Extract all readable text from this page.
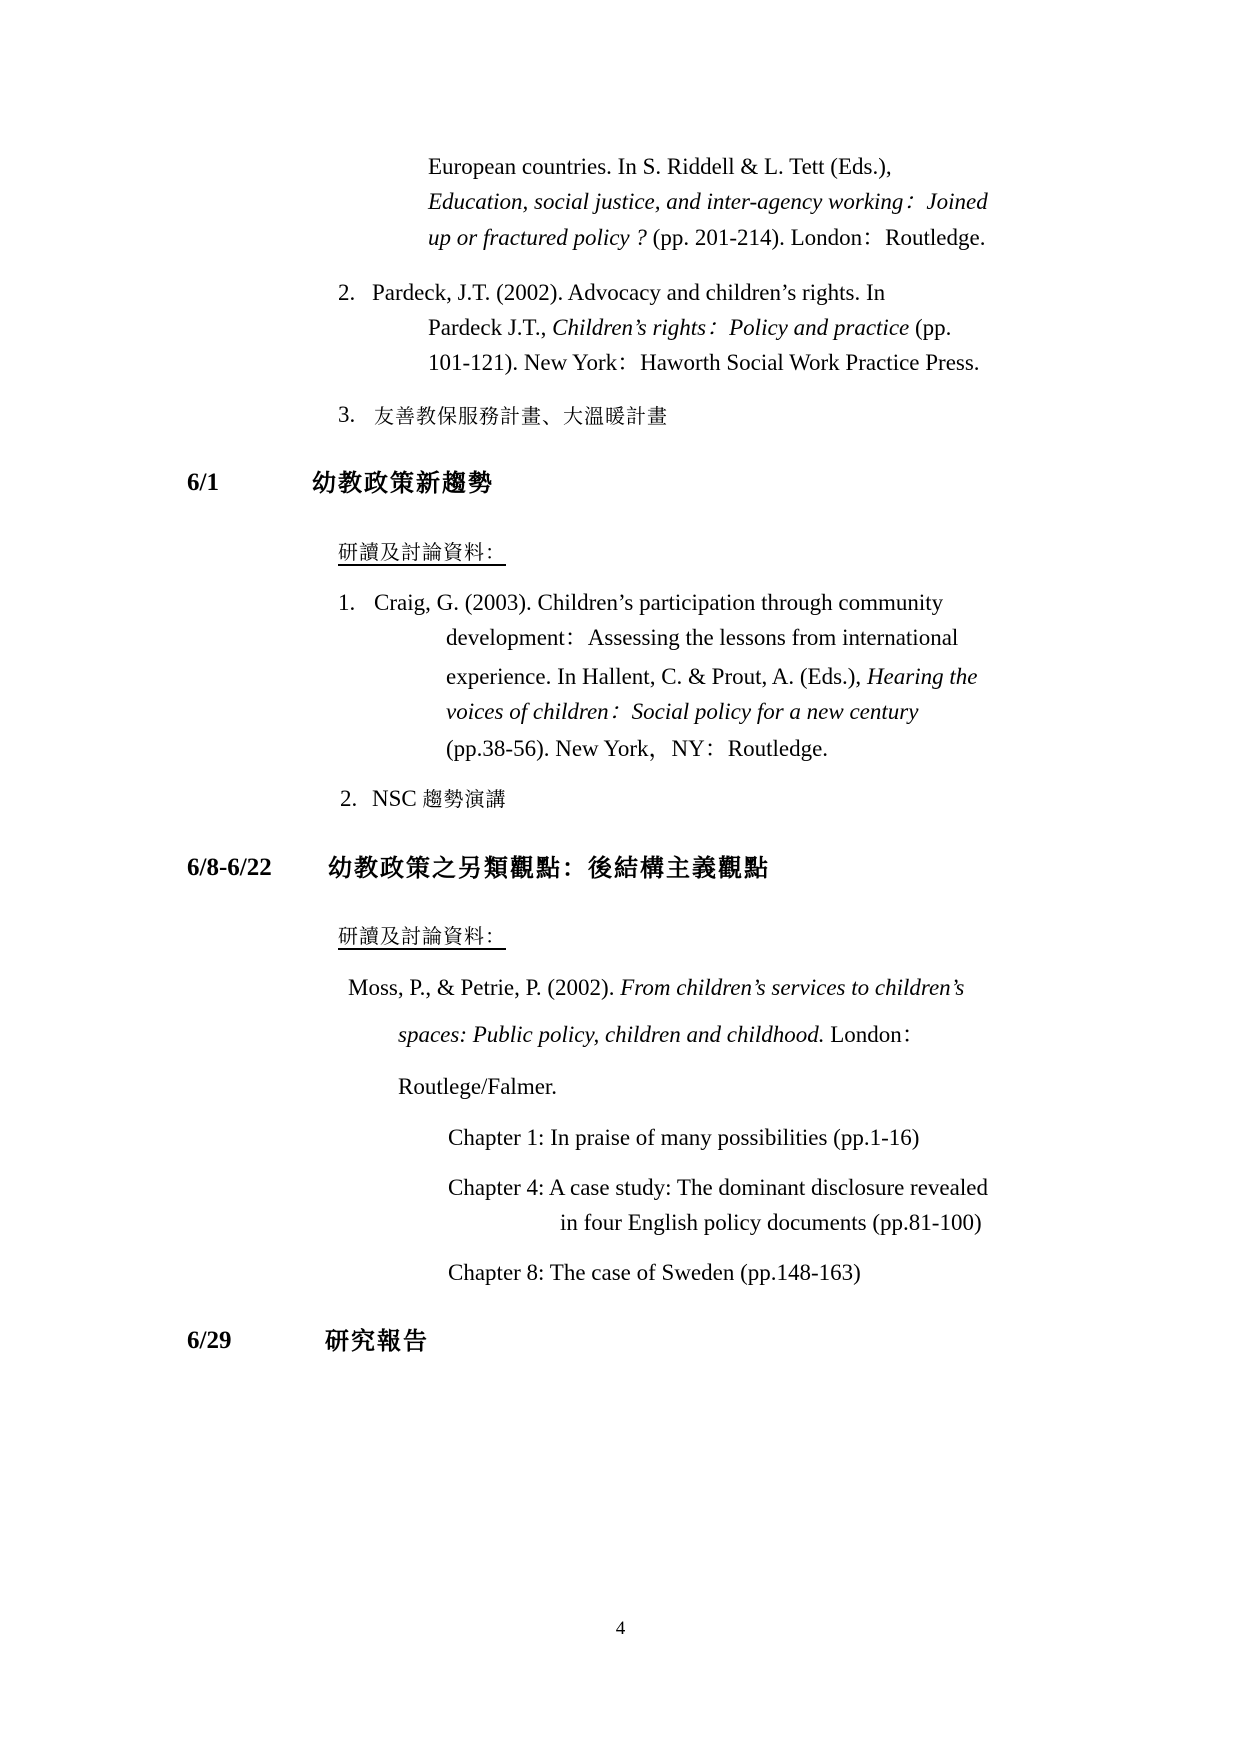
European countries. In S. Riddell & L. Tett (Eds.),
Education, social justice, and inter-agency working：Joined
up or fractured policy ? (pp. 201-214). London：Routledge.
2. Pardeck, J.T. (2002). Advocacy and children’s rights. In
Pardeck J.T., Children’s rights：Policy and practice (pp.
101-121). New York：Haworth Social Work Practice Press.
3. 友善教保服務計畫、大溫暖計畫
6/1	幼教政策新趨勢
研讀及討論資料：
1. Craig, G. (2003). Children’s participation through community
development：Assessing the lessons from international
experience. In Hallent, C. & Prout, A. (Eds.), Hearing the
voices of children：Social policy for a new century
(pp.38-56). New York，NY：Routledge.
2. NSC 趨勢演講
6/8-6/22 幼教政策之另類觀點：後結構主義觀點
研讀及討論資料：
Moss, P., & Petrie, P. (2002). From children’s services to children’s
spaces: Public policy, children and childhood. London：
Routlege/Falmer.
Chapter 1: In praise of many possibilities (pp.1-16)
Chapter 4: A case study: The dominant disclosure revealed
in four English policy documents (pp.81-100)
Chapter 8: The case of Sweden (pp.148-163)
6/29	研究報告
4
